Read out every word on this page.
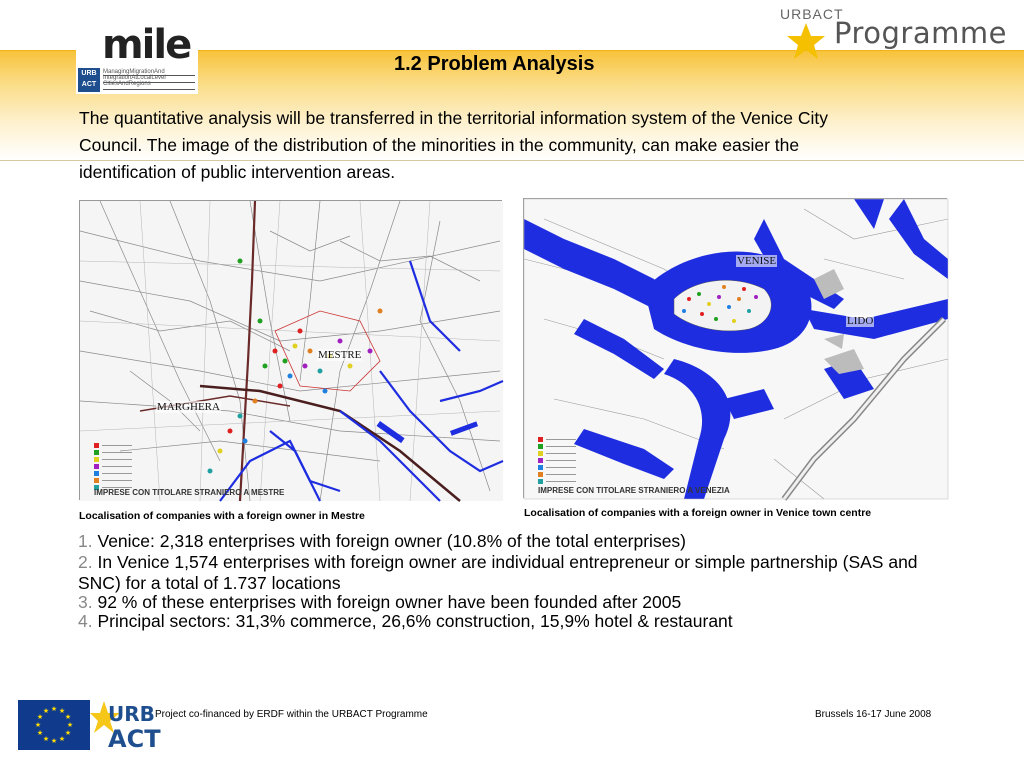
mile
URB ACT
ManagingMigrationAnd IntegrationAtLocalLevel CitiesAndRegions
URBACT
Programme
1.2 Problem Analysis
The quantitative analysis will be transferred in the territorial information system of the Venice City Council. The image of the distribution of the minorities in the community, can make easier the identification of public intervention areas.
MESTRE
MARGHERA
IMPRESE CON TITOLARE STRANIERO A MESTRE
VENISE
LIDO
IMPRESE CON TITOLARE STRANIERO A VENEZIA
Localisation of companies with a foreign owner in Mestre	Localisation of companies with a foreign owner in Venice town centre
1. Venice: 2,318 enterprises with foreign owner (10.8% of the total enterprises)
2. In Venice 1,574 enterprises with foreign owner are individual entrepreneur or simple partnership (SAS and SNC) for a total of 1.737 locations
3. 92 % of these enterprises with foreign owner have been founded after 2005
4. Principal sectors: 31,3% commerce, 26,6% construction, 15,9% hotel & restaurant
★ ★
★
★
★
★
★
★
★
★
★
★	URB
ACT
Project co-financed by ERDF within the URBACT Programme	Brussels 16-17 June 2008
